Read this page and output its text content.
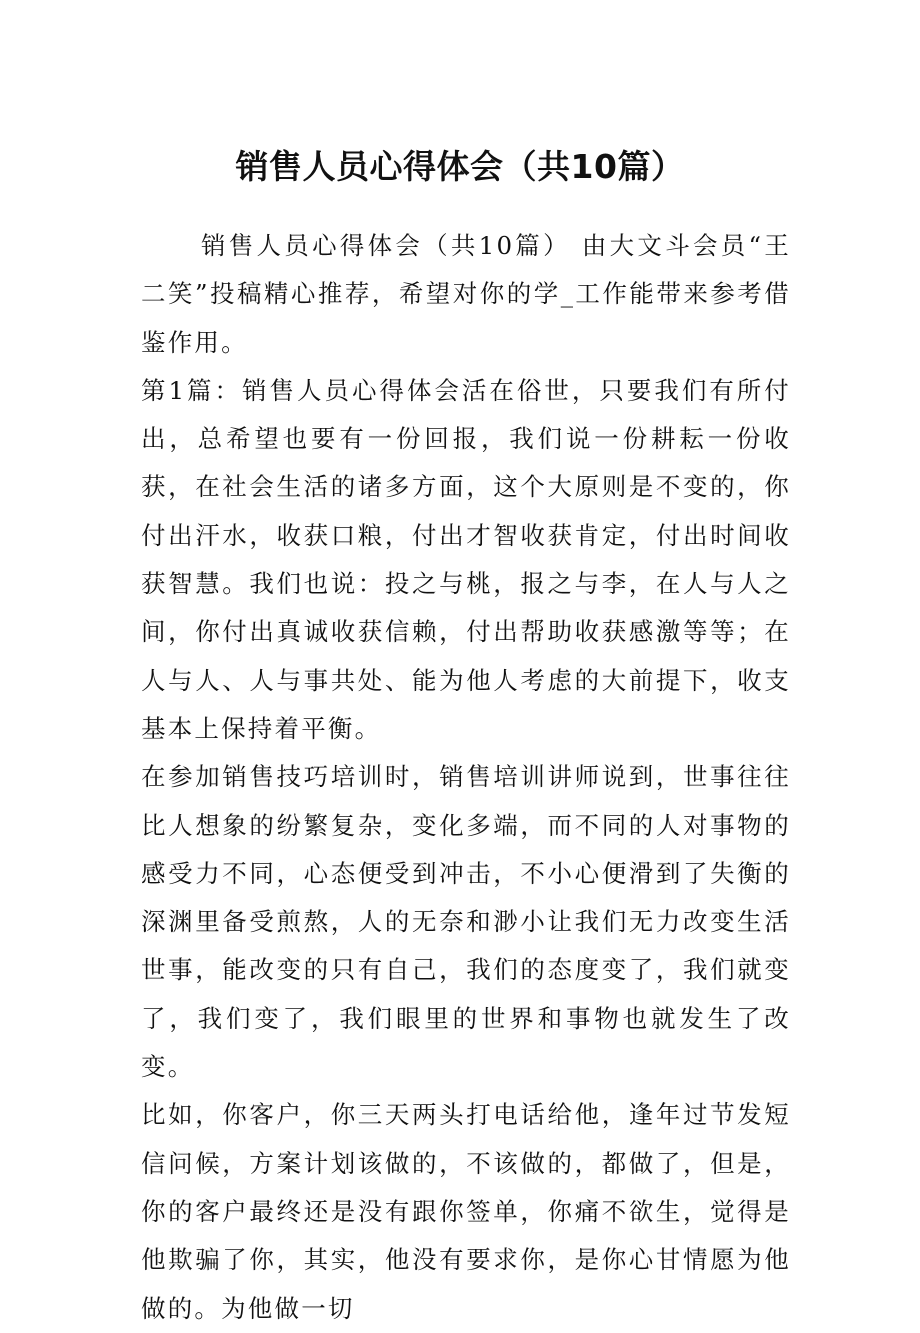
销售人员心得体会（共10篇）

销售人员心得体会（共10篇） 由大文斗会员“王二笑”投稿精心推荐，希望对你的学_工作能带来参考借鉴作用。

第1篇：销售人员心得体会活在俗世，只要我们有所付出，总希望也要有一份回报，我们说一份耕耘一份收获，在社会生活的诸多方面，这个大原则是不变的，你付出汗水，收获口粮，付出才智收获肯定，付出时间收获智慧。我们也说：投之与桃，报之与李，在人与人之间，你付出真诚收获信赖，付出帮助收获感激等等；在人与人、人与事共处、能为他人考虑的大前提下，收支基本上保持着平衡。

在参加销售技巧培训时，销售培训讲师说到，世事往往比人想象的纷繁复杂，变化多端，而不同的人对事物的感受力不同，心态便受到冲击，不小心便滑到了失衡的深渊里备受煎熬，人的无奈和渺小让我们无力改变生活世事，能改变的只有自己，我们的态度变了，我们就变了，我们变了，我们眼里的世界和事物也就发生了改变。

比如，你客户，你三天两头打电话给他，逢年过节发短信问候，方案计划该做的，不该做的，都做了，但是，你的客户最终还是没有跟你签单，你痛不欲生，觉得是他欺骗了你，其实，他没有要求你，是你心甘情愿为他做的。为他做一切
